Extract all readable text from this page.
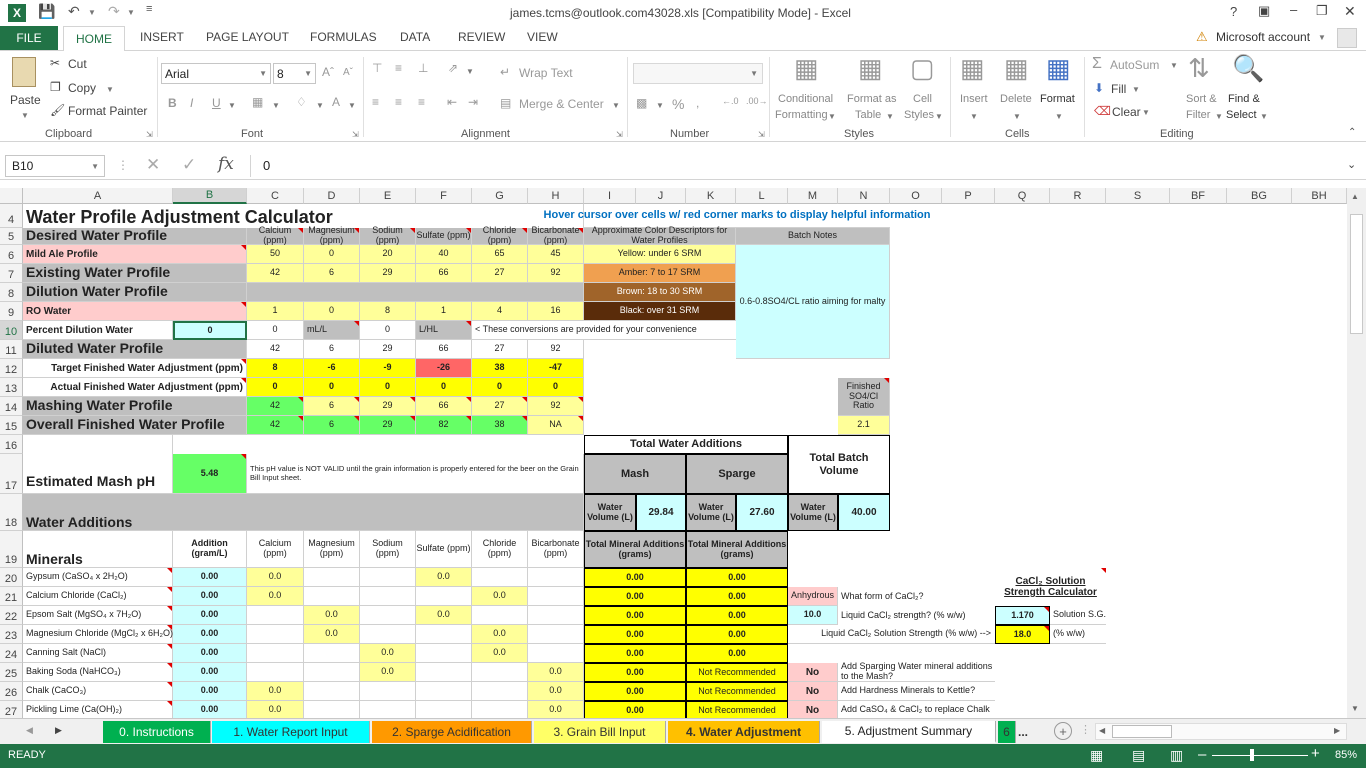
X	💾 ↶ ▼ ↷ ▼ ≡	james.tcms@outlook.com43028.xls [Compatibility Mode] - Excel	? ▣ – ❐ ✕
FILE	HOME	INSERT PAGE LAYOUT FORMULAS DATA REVIEW VIEW	⚠ Microsoft account ▼
Paste
▼
✂ Cut
❐ Copy ▼
🖌 Format Painter
Clipboard	⇲
Arial	▼ 8	▼ Aˆ Aˇ
B I U ▼ ▦ ▼ ♢ ▼ A ▼
Font	⇲
⊤ ≡ ⊥ ⇗ ▼
≡ ≡ ≡ ⇤ ⇥
↵ Wrap Text
▤ Merge & Center ▼
Alignment	⇲
▼
▩ ▼ % ,	←.0 .00→
Number	⇲
▦
Conditional
Formatting ▼
▦
Format as
Table ▼
▢
Cell
Styles ▼
Styles
▦
Insert
▼
▦
Delete
▼
▦
Format
▼
Cells
Σ AutoSum ▼
⬇ Fill ▼
⌫ Clear ▼
⇅
Sort &
Filter ▼
🔍
Find &
Select ▼
Editing	⌃
B10	▼ ⋮ ✕ ✓ fx	0	⌄
A	B	C	D	E	F	G	H	I	J	K	L	M	N	O	P	Q	R	S	BF	BG	BH
4
5
6
7
8
9
10
11
12
13
14
15
16
17
18
19
20
21
22
23
24
25
26
27
Water Profile Adjustment Calculator	Hover cursor over cells w/ red corner marks to display helpful information
Desired Water Profile	Calcium (ppm)
Magnesium (ppm)
Sodium (ppm)	Sulfate (ppm)	Chloride (ppm)
Bicarbonate (ppm)
Approximate Color Descriptors for Water Profiles	Batch Notes
Mild Ale Profile	50	0	20	40	65	45	Yellow: under 6 SRM
Amber: 7 to 17 SRM
Brown: 18 to 30 SRM
Black: over 31 SRM
0.6-0.8SO4/CL ratio aiming for malty
Existing Water Profile	42	6	29	66	27	92
Dilution Water Profile
RO Water	1	0	8	1	4	16
Percent Dilution Water	0	0	mL/L	0	L/HL	< These conversions are provided for your convenience
Diluted Water Profile	42	6	29	66	27	92
Target Finished Water Adjustment (ppm)	8	-6	-9	-26	38	-47
Actual Finished Water Adjustment (ppm)	0	0	0	0	0	0
Mashing Water Profile	42	6	29	66	27	92
Finished SO4/Cl Ratio
Overall Finished Water Profile	42	6	29	82	38	NA	2.1
Total Water Additions
Total Batch Volume
Estimated Mash pH
5.48	This pH value is NOT VALID until the grain information is properly entered for the beer on the Grain Bill Input sheet.	Mash	Sparge
Water Additions
Water Volume (L)	29.84
Water Volume (L)	27.60
Water Volume (L)	40.00
Minerals
Addition (gram/L)
Calcium (ppm)
Magnesium (ppm)
Sodium (ppm)	Sulfate (ppm)	Chloride (ppm)
Bicarbonate (ppm)
Total Mineral Additions (grams)
Total Mineral Additions (grams)
Gypsum (CaSO₄ x 2H₂O)	0.00	0.0	0.0	0.00	0.00
Calcium Chloride (CaCl₂)	0.00	0.0	0.0	0.00	0.00
Epsom Salt (MgSO₄ x 7H₂O)	0.00	0.0	0.0	0.00	0.00
Magnesium Chloride (MgCl₂ x 6H₂O)	0.00	0.0	0.0	0.00	0.00
Canning Salt (NaCl)	0.00	0.0	0.0	0.00	0.00
Baking Soda (NaHCO₃)	0.00	0.0	0.0	0.00	Not Recommended
Chalk (CaCO₃)	0.00	0.0	0.0	0.00	Not Recommended
Pickling Lime (Ca(OH)₂)	0.00	0.0	0.0	0.00	Not Recommended
Anhydrous What form of CaCl₂?
10.0	Liquid CaCl₂ strength? (% w/w)	1.170	Solution S.G.
Liquid CaCl₂ Solution Strength (% w/w) -->	18.0	(% w/w)
CaCl₂ Solution Strength Calculator
No
Add Sparging Water mineral additions to the Mash?
No	Add Hardness Minerals to Kettle?
No	Add CaSO₄ & CaCl₂ to replace Chalk
▲
▼
◀ ▶	0. Instructions	1. Water Report Input	2. Sparge Acidification	3. Grain Bill Input	4. Water Adjustment	5. Adjustment Summary	6 ...	+	⋮ ◀	▶
READY	▦ ▤ ▥ –	+ 85%
